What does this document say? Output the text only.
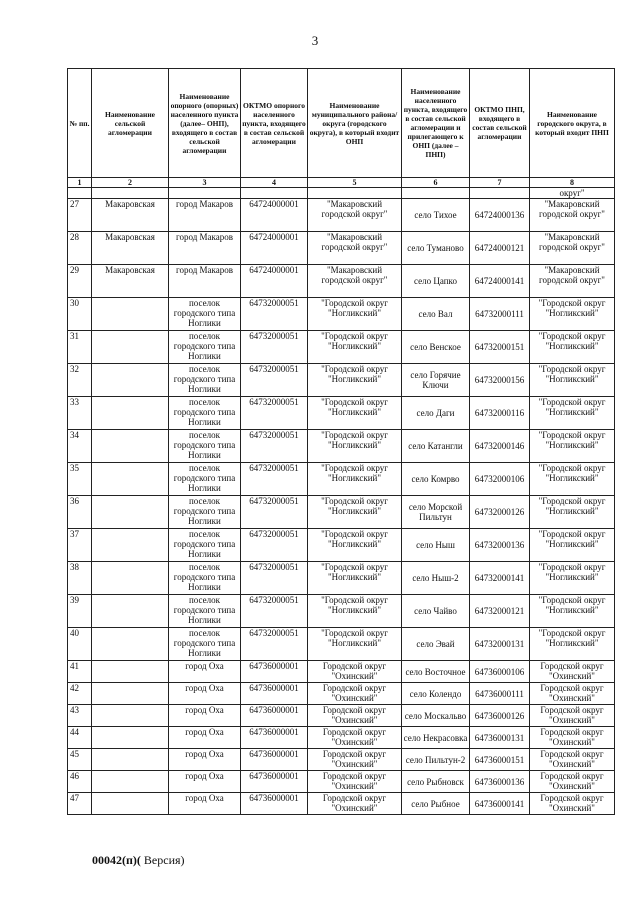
3
№ пп.	Наименование сельской агломерации	Наименование опорного (опорных) населенного пункта (далее– ОНП), входящего в состав сельской агломерации	ОКТМО опорного населенного пункта, входящего в состав сельской агломерации	Наименование муниципального района/округа (городского округа), в который входит ОНП	Наименование населенного пункта, входящего в состав сельской агломерации и прилегающего к ОНП (далее – ПНП)	ОКТМО ПНП, входящего в состав сельской агломерации	Наименование городского округа, в который входит ПНП
1	2	3	4	5	6	7	8
							округ"
27	Макаровская	город Макаров	64724000001	"Макаровский городской округ"	село Тихое	64724000136	"Макаровский городской округ"
28	Макаровская	город Макаров	64724000001	"Макаровский городской округ"	село Туманово	64724000121	"Макаровский городской округ"
29	Макаровская	город Макаров	64724000001	"Макаровский городской округ"	село Цапко	64724000141	"Макаровский городской округ"
30		поселок городского типа Ноглики	64732000051	"Городской округ "Ногликский"	село Вал	64732000111	"Городской округ "Ногликский"
31		поселок городского типа Ноглики	64732000051	"Городской округ "Ногликский"	село Венское	64732000151	"Городской округ "Ногликский"
32		поселок городского типа Ноглики	64732000051	"Городской округ "Ногликский"	село Горячие Ключи	64732000156	"Городской округ "Ногликский"
33		поселок городского типа Ноглики	64732000051	"Городской округ "Ногликский"	село Даги	64732000116	"Городской округ "Ногликский"
34		поселок городского типа Ноглики	64732000051	"Городской округ "Ногликский"	село Катангли	64732000146	"Городской округ "Ногликский"
35		поселок городского типа Ноглики	64732000051	"Городской округ "Ногликский"	село Комрво	64732000106	"Городской округ "Ногликский"
36		поселок городского типа Ноглики	64732000051	"Городской округ "Ногликский"	село Морской Пильтун	64732000126	"Городской округ "Ногликский"
37		поселок городского типа Ноглики	64732000051	"Городской округ "Ногликский"	село Ныш	64732000136	"Городской округ "Ногликский"
38		поселок городского типа Ноглики	64732000051	"Городской округ "Ногликский"	село Ныш-2	64732000141	"Городской округ "Ногликский"
39		поселок городского типа Ноглики	64732000051	"Городской округ "Ногликский"	село Чайво	64732000121	"Городской округ "Ногликский"
40		поселок городского типа Ноглики	64732000051	"Городской округ "Ногликский"	село Эвай	64732000131	"Городской округ "Ногликский"
41		город Оха	64736000001	Городской округ "Охинский"	село Восточное	64736000106	Городской округ "Охинский"
42		город Оха	64736000001	Городской округ "Охинский"	село Колендо	64736000111	Городской округ "Охинский"
43		город Оха	64736000001	Городской округ "Охинский"	село Москальво	64736000126	Городской округ "Охинский"
44		город Оха	64736000001	Городской округ "Охинский"	село Некрасовка	64736000131	Городской округ "Охинский"
45		город Оха	64736000001	Городской округ "Охинский"	село Пильтун-2	64736000151	Городской округ "Охинский"
46		город Оха	64736000001	Городской округ "Охинский"	село Рыбновск	64736000136	Городской округ "Охинский"
47		город Оха	64736000001	Городской округ "Охинский"	село Рыбное	64736000141	Городской округ "Охинский"
00042(п)( Версия)
